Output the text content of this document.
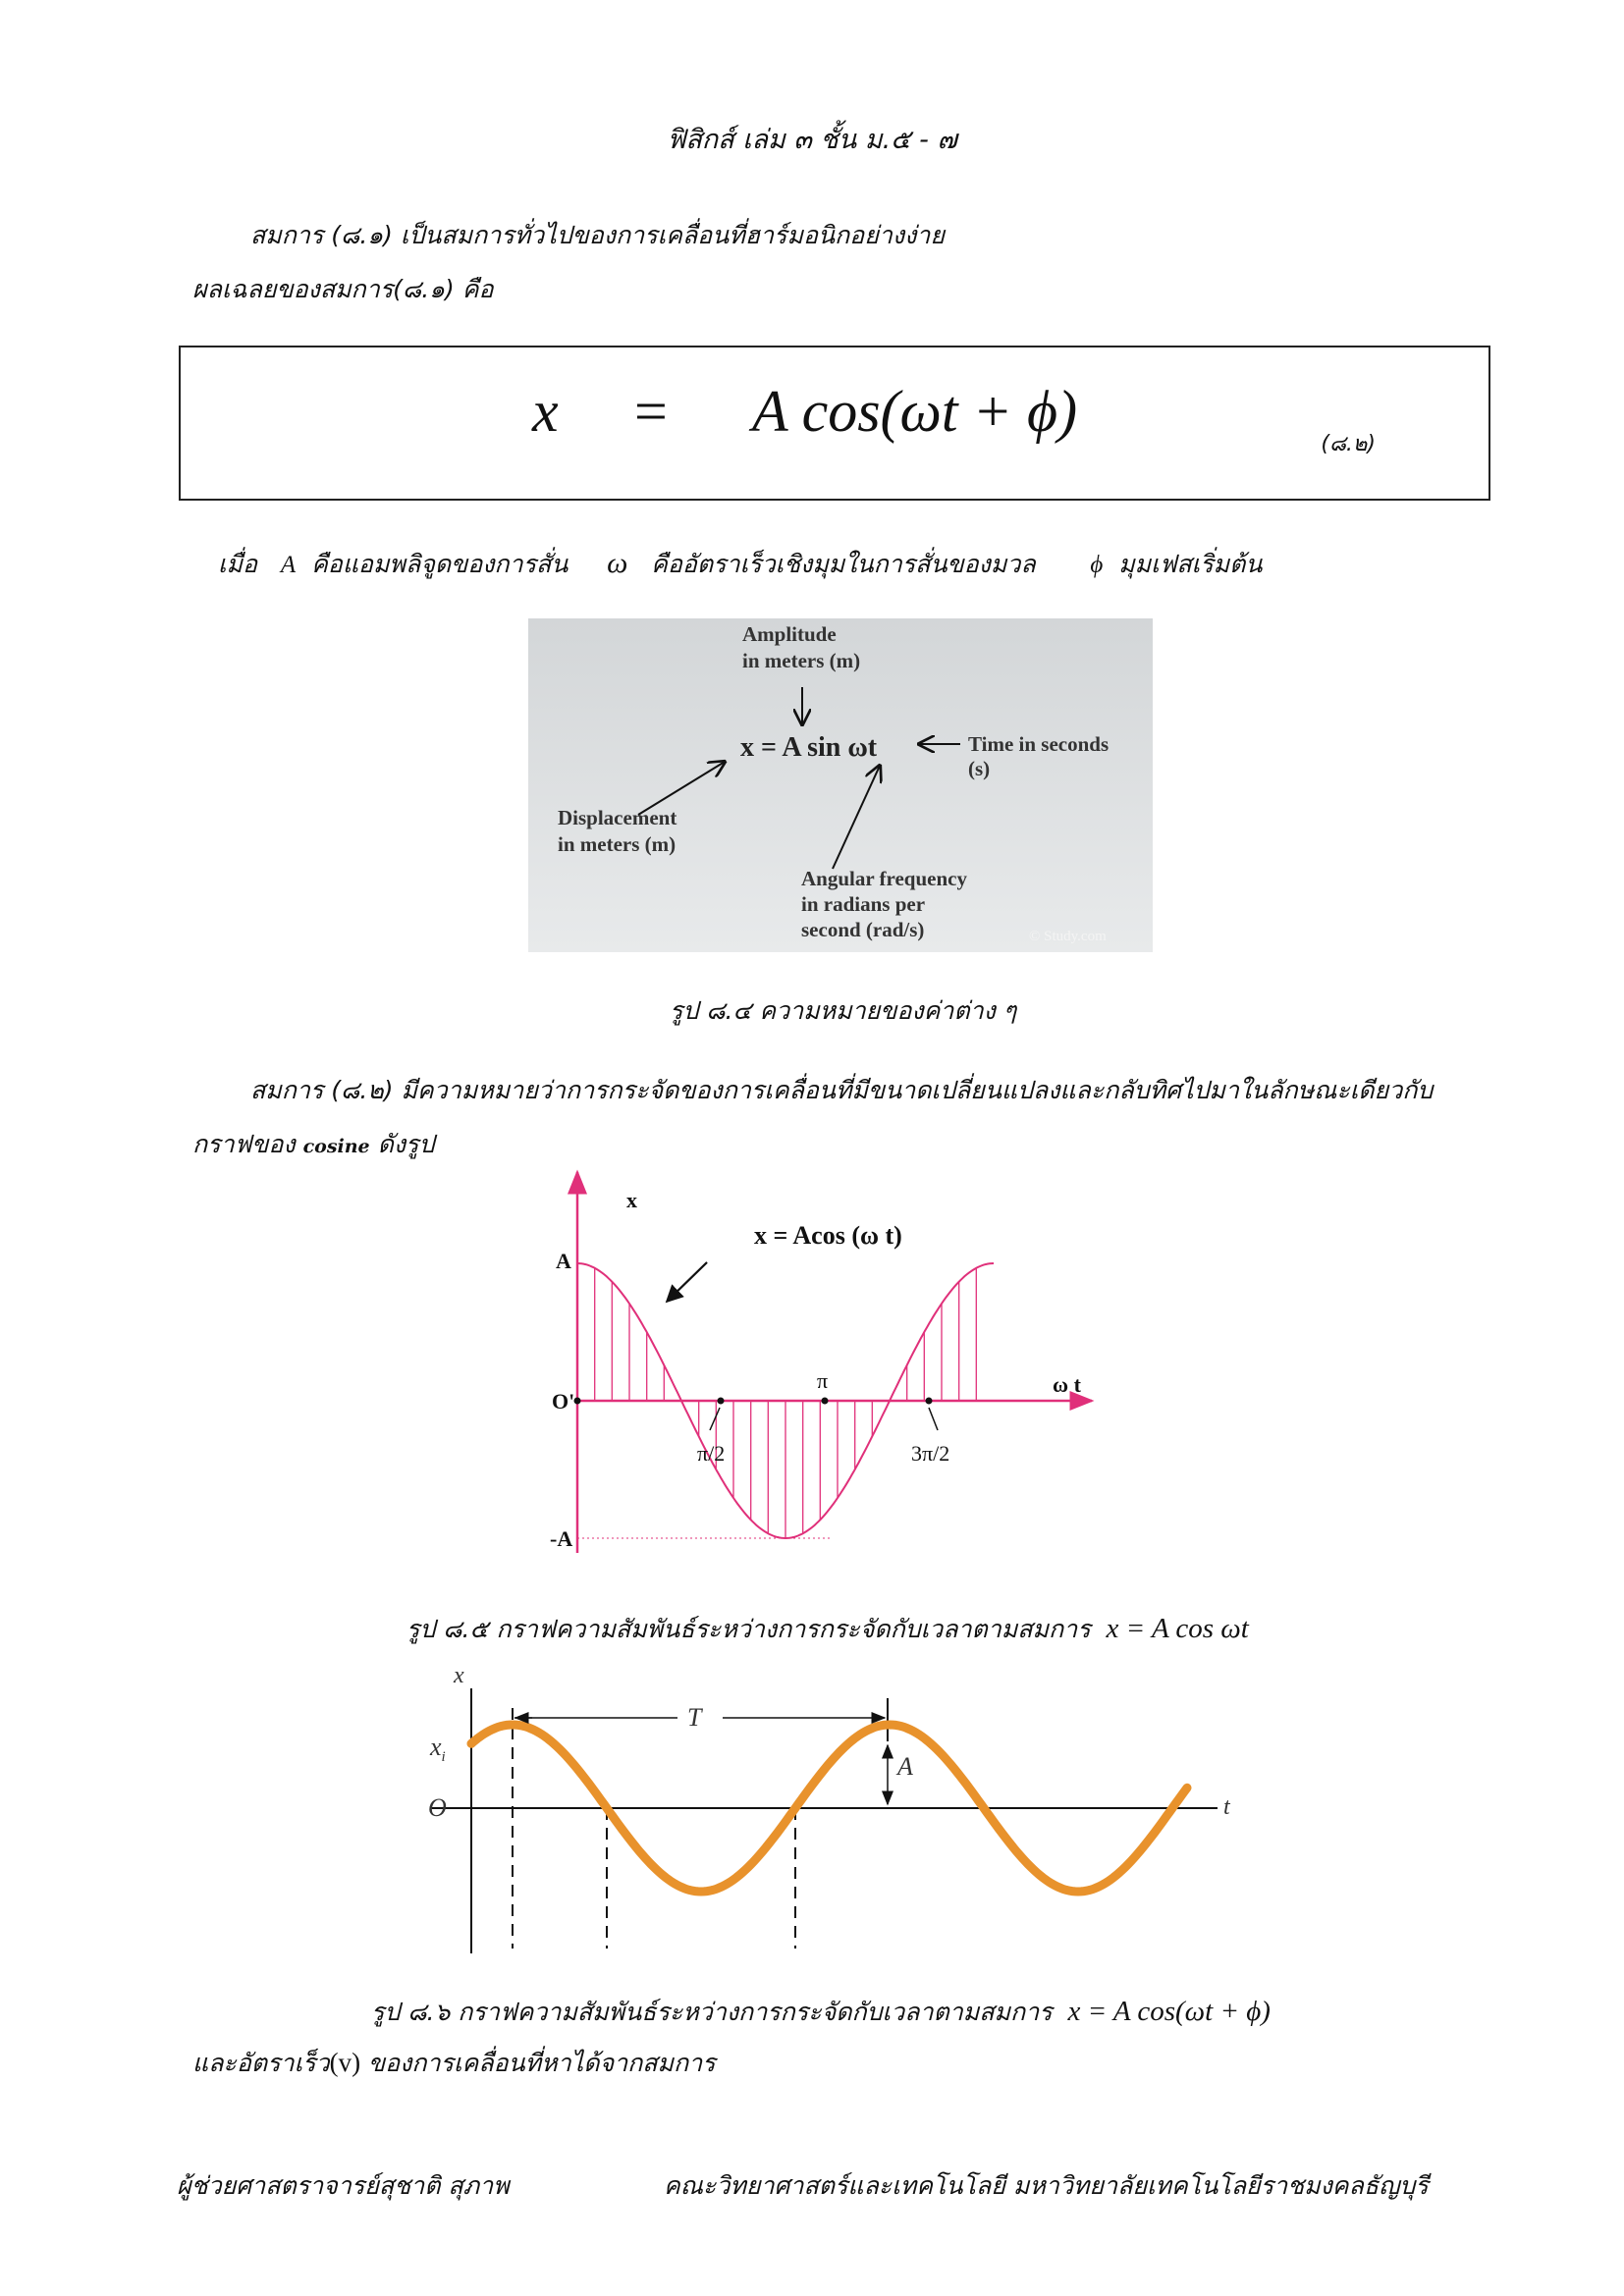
ฟิสิกส์ เล่ม ๓ ชั้น ม.๕ - ๗
สมการ (๘.๑) เป็นสมการทั่วไปของการเคลื่อนที่ฮาร์มอนิกอย่างง่าย
ผลเฉลยของสมการ(๘.๑) คือ
x = A cos(ωt + ϕ)
(๘.๒)
เมื่อ A คือแอมพลิจูดของการสั่น ω คืออัตราเร็วเชิงมุมในการสั่นของมวล ϕ มุมเฟสเริ่มต้น
Amplitude
in meters (m)
x = A sin ωt	Time in seconds
(s)
Displacement
in meters (m)
Angular frequency
in radians per
second (rad/s)	© Study.com
รูป ๘.๔ ความหมายของค่าต่าง ๆ
สมการ (๘.๒) มีความหมายว่าการกระจัดของการเคลื่อนที่มีขนาดเปลี่ยนแปลงและกลับทิศไปมาในลักษณะเดียวกับ
กราฟของ cosine ดังรูป
x
A
O'
-A
π
π/2	3π/2
ω t
x = Acos (ω t)
รูป ๘.๕ กราฟความสัมพันธ์ระหว่างการกระจัดกับเวลาตามสมการ x = A cos ωt
x
$x_i$
O
T
A
t
รูป ๘.๖ กราฟความสัมพันธ์ระหว่างการกระจัดกับเวลาตามสมการ x = A cos(ωt + ϕ)
และอัตราเร็ว(v) ของการเคลื่อนที่หาได้จากสมการ
ผู้ช่วยศาสตราจารย์สุชาติ สุภาพ	คณะวิทยาศาสตร์และเทคโนโลยี มหาวิทยาลัยเทคโนโลยีราชมงคลธัญบุรี
